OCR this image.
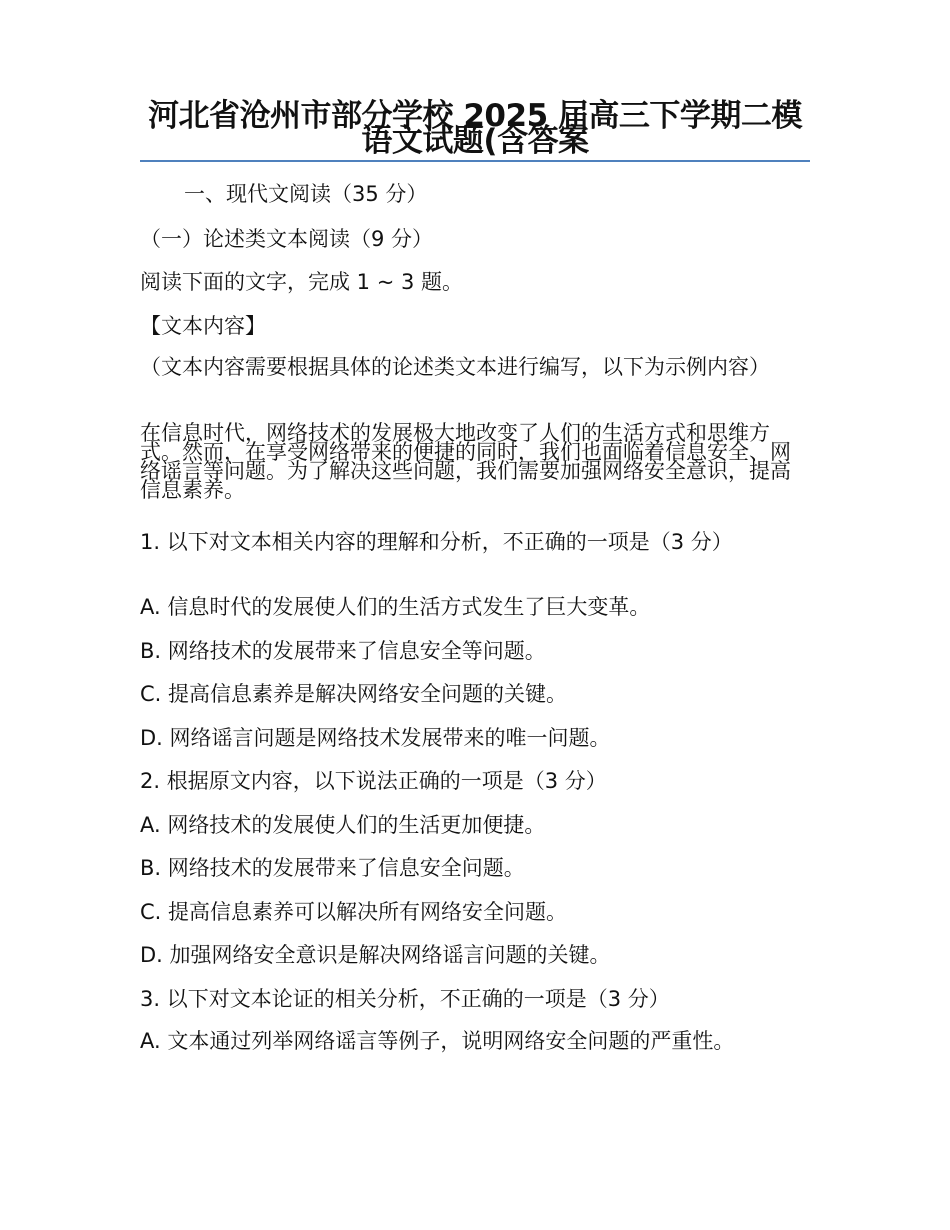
河北省沧州市部分学校 2025 届高三下学期二模语文试题(含答案
一、现代文阅读（35 分）
（一）论述类文本阅读（9 分）
阅读下面的文字，完成 1 ~ 3 题。
【文本内容】
（文本内容需要根据具体的论述类文本进行编写，以下为示例内容）
在信息时代，网络技术的发展极大地改变了人们的生活方式和思维方式。然而，在享受网络带来的便捷的同时，我们也面临着信息安全、网络谣言等问题。为了解决这些问题，我们需要加强网络安全意识，提高信息素养。
1. 以下对文本相关内容的理解和分析，不正确的一项是（3 分）
A. 信息时代的发展使人们的生活方式发生了巨大变革。
B. 网络技术的发展带来了信息安全等问题。
C. 提高信息素养是解决网络安全问题的关键。
D. 网络谣言问题是网络技术发展带来的唯一问题。
2. 根据原文内容，以下说法正确的一项是（3 分）
A. 网络技术的发展使人们的生活更加便捷。
B. 网络技术的发展带来了信息安全问题。
C. 提高信息素养可以解决所有网络安全问题。
D. 加强网络安全意识是解决网络谣言问题的关键。
3. 以下对文本论证的相关分析，不正确的一项是（3 分）
A. 文本通过列举网络谣言等例子，说明网络安全问题的严重性。
